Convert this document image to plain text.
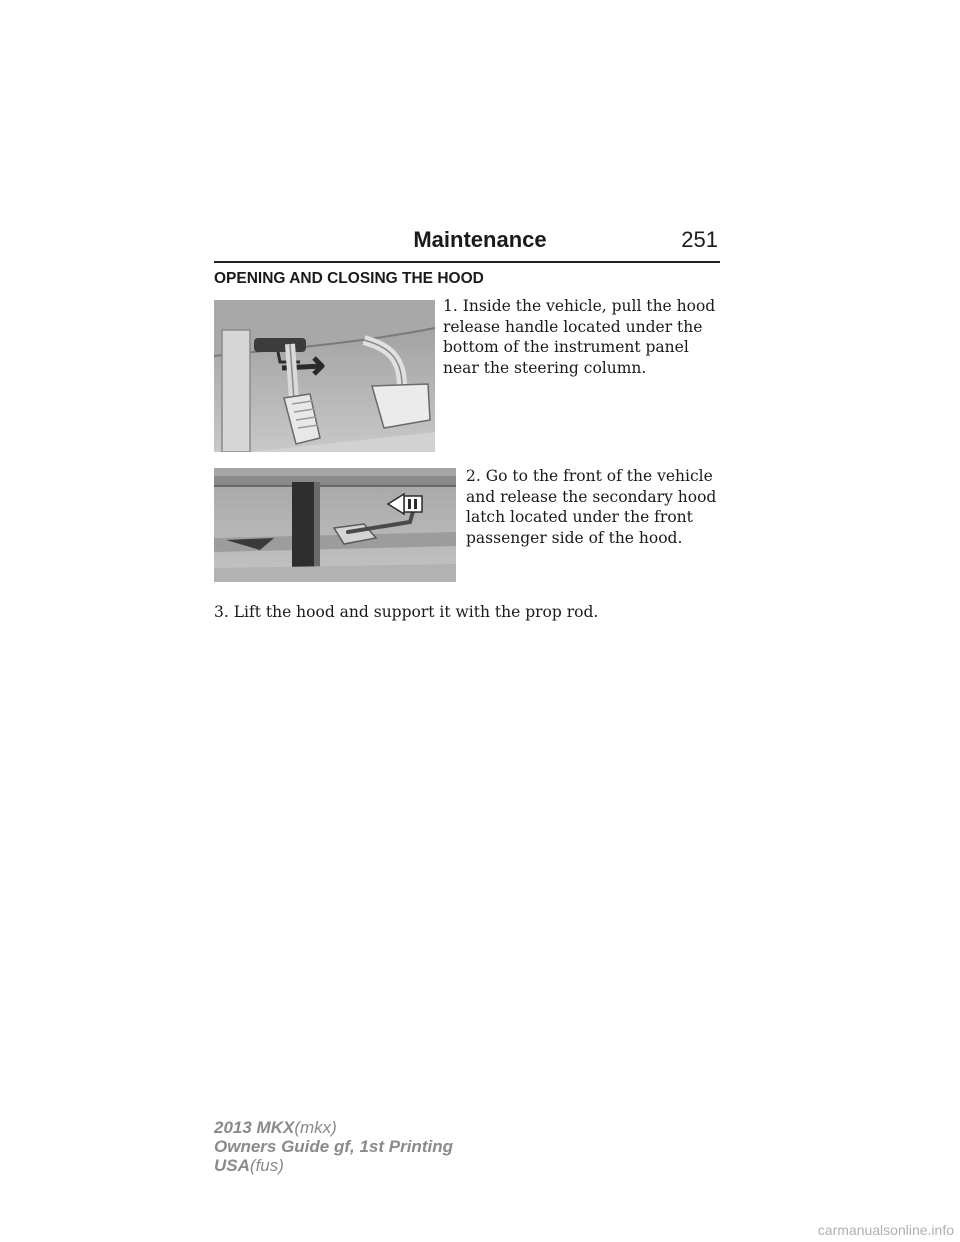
Maintenance	251
OPENING AND CLOSING THE HOOD
1. Inside the vehicle, pull the hood release handle located under the bottom of the instrument panel near the steering column.
2. Go to the front of the vehicle and release the secondary hood latch located under the front passenger side of the hood.
3. Lift the hood and support it with the prop rod.
2013 MKX(mkx)
Owners Guide gf, 1st Printing
USA(fus)
carmanualsonline.info
